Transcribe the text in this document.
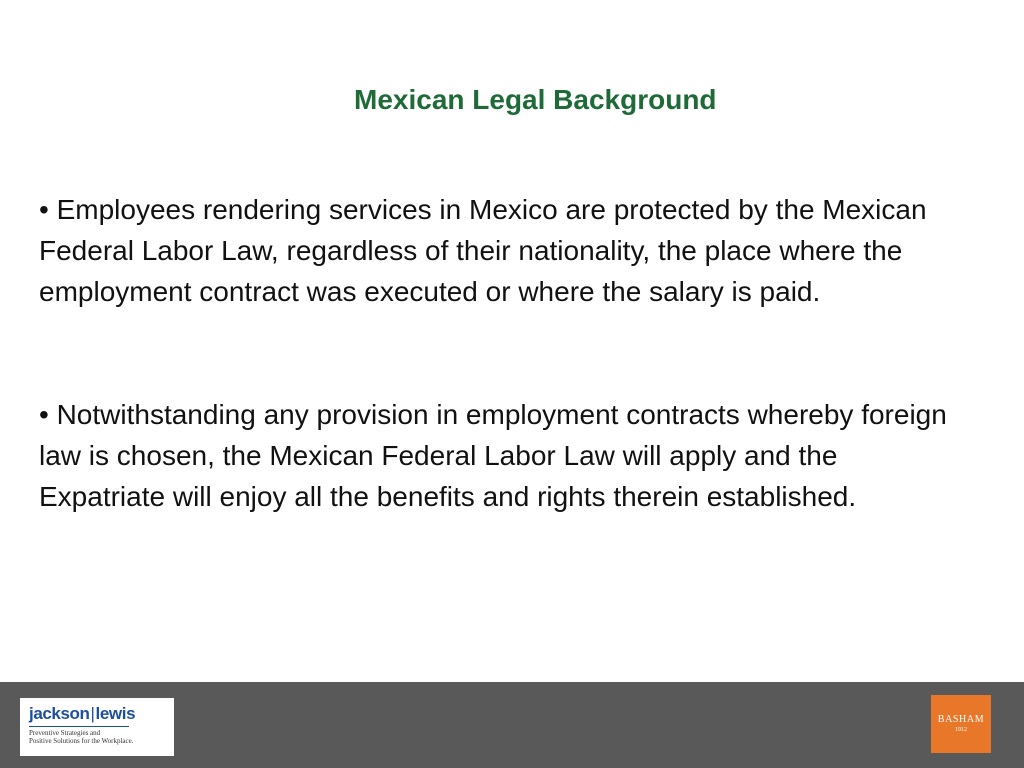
Mexican Legal Background

• Employees rendering services in Mexico are protected by the Mexican Federal Labor Law, regardless of their nationality, the place where the employment contract was executed or where the salary is paid.

• Notwithstanding any provision in employment contracts whereby foreign law is chosen, the Mexican Federal Labor Law will apply and the Expatriate will enjoy all the benefits and rights therein established.

jackson|lewis
Preventive Strategies and
Positive Solutions for the Workplace.
BASHAM
1912
